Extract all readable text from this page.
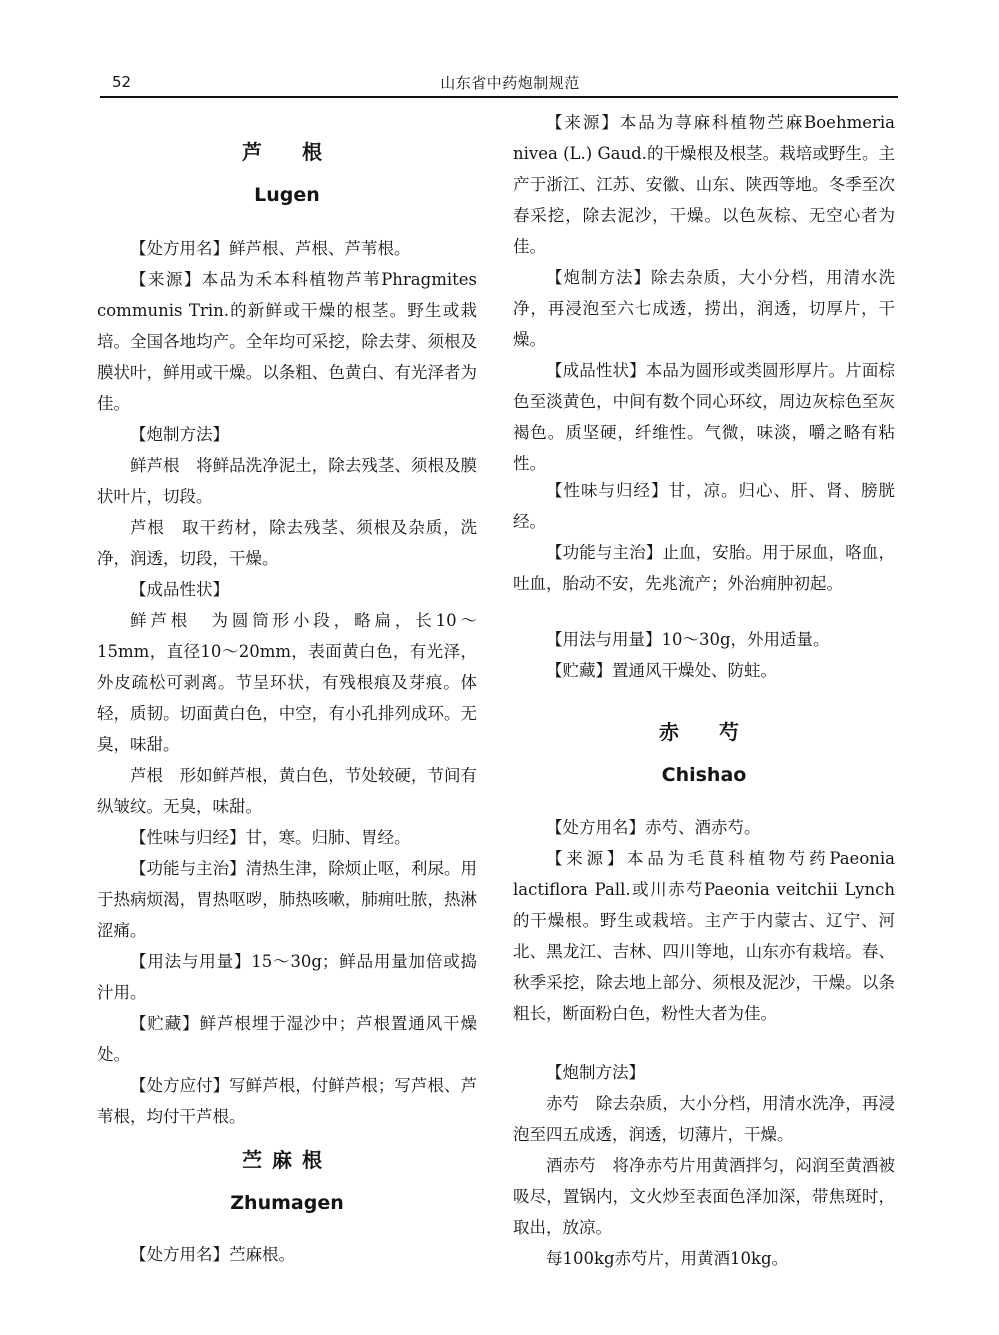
52	山东省中药炮制规范
芦　根
Lugen
【处方用名】鲜芦根、芦根、芦苇根。
【来源】本品为禾本科植物芦苇Phragmites communis Trin.的新鲜或干燥的根茎。野生或栽培。全国各地均产。全年均可采挖，除去芽、须根及膜状叶，鲜用或干燥。以条粗、色黄白、有光泽者为佳。
【炮制方法】
鲜芦根　将鲜品洗净泥土，除去残茎、须根及膜状叶片，切段。
芦根　取干药材，除去残茎、须根及杂质，洗净，润透，切段，干燥。
【成品性状】
鲜芦根　为圆筒形小段，略扁，长10～15mm，直径10～20mm，表面黄白色，有光泽，外皮疏松可剥离。节呈环状，有残根痕及芽痕。体轻，质韧。切面黄白色，中空，有小孔排列成环。无臭，味甜。
芦根　形如鲜芦根，黄白色，节处较硬，节间有纵皱纹。无臭，味甜。
【性味与归经】甘，寒。归肺、胃经。
【功能与主治】清热生津，除烦止呕，利尿。用于热病烦渴，胃热呕哕，肺热咳嗽，肺痈吐脓，热淋涩痛。
【用法与用量】15～30g；鲜品用量加倍或捣汁用。
【贮藏】鲜芦根埋于湿沙中；芦根置通风干燥处。
【处方应付】写鲜芦根，付鲜芦根；写芦根、芦苇根，均付干芦根。
苎麻根
Zhumagen
【处方用名】苎麻根。
【来源】本品为荨麻科植物苎麻Boehmeria nivea (L.) Gaud.的干燥根及根茎。栽培或野生。主产于浙江、江苏、安徽、山东、陕西等地。冬季至次春采挖，除去泥沙，干燥。以色灰棕、无空心者为佳。
【炮制方法】除去杂质，大小分档，用清水洗净，再浸泡至六七成透，捞出，润透，切厚片，干燥。
【成品性状】本品为圆形或类圆形厚片。片面棕色至淡黄色，中间有数个同心环纹，周边灰棕色至灰褐色。质坚硬，纤维性。气微，味淡，嚼之略有粘性。
【性味与归经】甘，凉。归心、肝、肾、膀胱经。
【功能与主治】止血，安胎。用于尿血，咯血，吐血，胎动不安，先兆流产；外治痈肿初起。
【用法与用量】10～30g，外用适量。
【贮藏】置通风干燥处、防蛀。
赤　芍
Chishao
【处方用名】赤芍、酒赤芍。
【来源】本品为毛茛科植物芍药Paeonia lactiflora Pall.或川赤芍Paeonia veitchii Lynch的干燥根。野生或栽培。主产于内蒙古、辽宁、河北、黑龙江、吉林、四川等地，山东亦有栽培。春、秋季采挖，除去地上部分、须根及泥沙，干燥。以条粗长，断面粉白色，粉性大者为佳。
【炮制方法】
赤芍　除去杂质，大小分档，用清水洗净，再浸泡至四五成透，润透，切薄片，干燥。
酒赤芍　将净赤芍片用黄酒拌匀，闷润至黄酒被吸尽，置锅内，文火炒至表面色泽加深，带焦斑时，取出，放凉。
每100kg赤芍片，用黄酒10kg。
